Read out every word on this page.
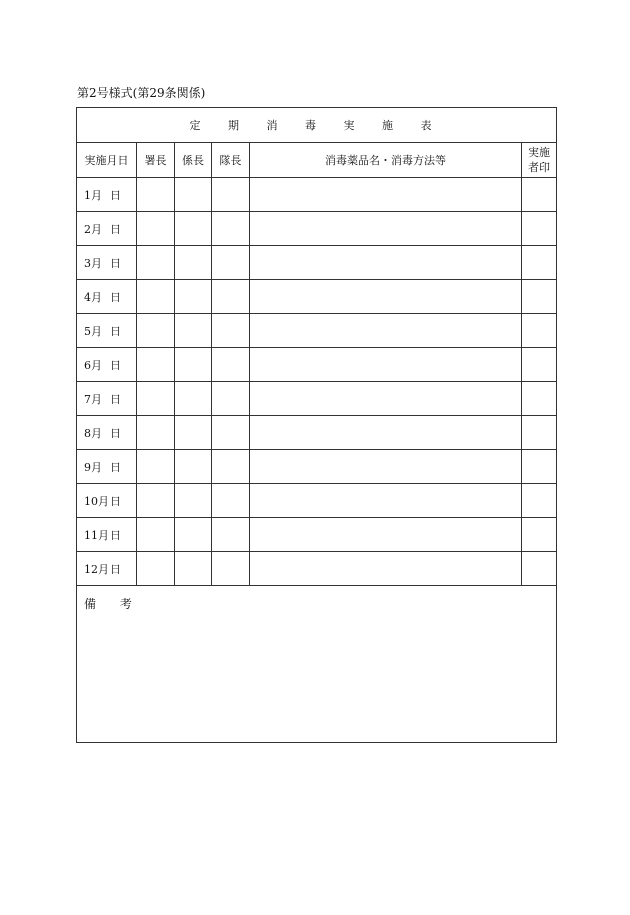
第2号様式(第29条関係)
定 期 消 毒 実 施 表					
実施月日	署長	係長	隊長	消毒薬品名・消毒方法等	実施
者印
1月 日					
2月 日					
3月 日					
4月 日					
5月 日					
6月 日					
7月 日					
8月 日					
9月 日					
10月日					
11月日					
12月日					
備 考					
